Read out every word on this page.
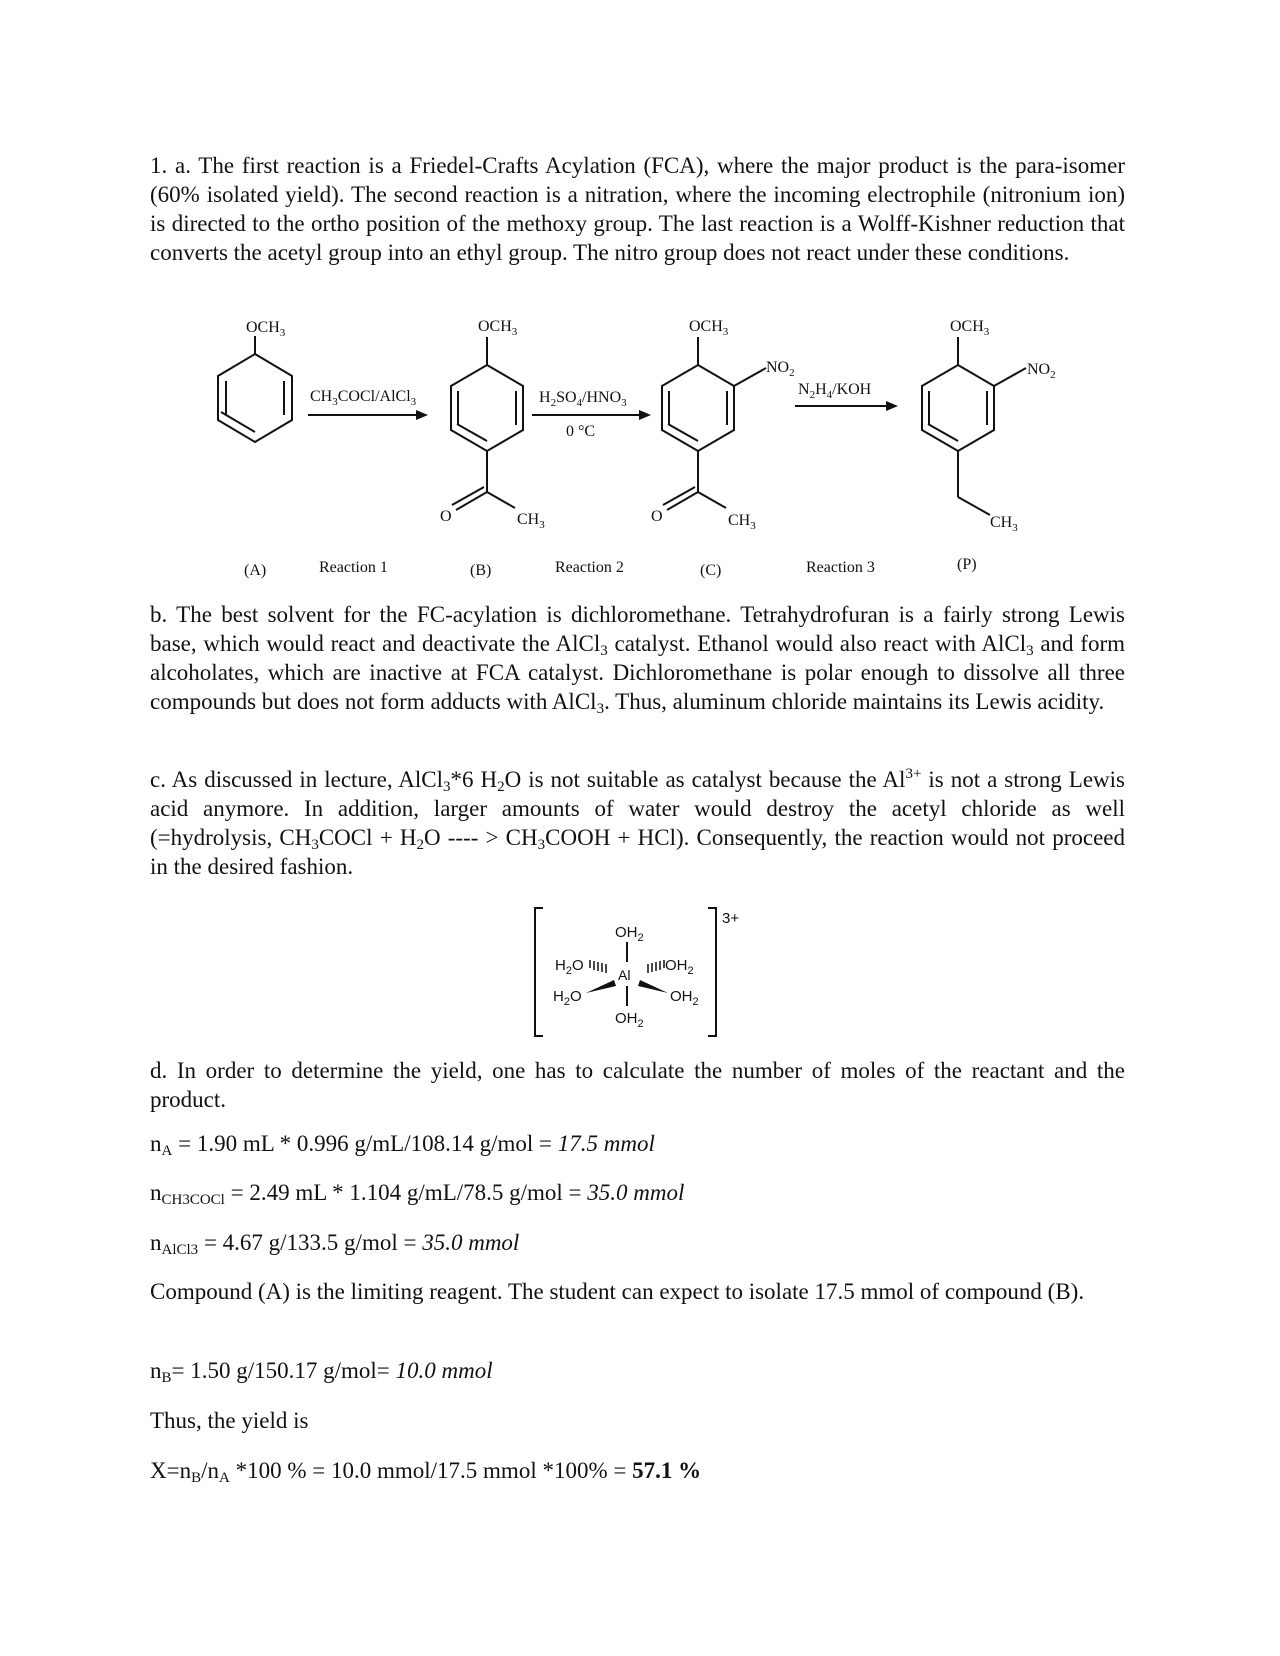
1. a. The first reaction is a Friedel-Crafts Acylation (FCA), where the major product is the para-isomer (60% isolated yield). The second reaction is a nitration, where the incoming electrophile (nitronium ion) is directed to the ortho position of the methoxy group. The last reaction is a Wolff-Kishner reduction that converts the acetyl group into an ethyl group. The nitro group does not react under these conditions.

$OCH_3$	$OCH_3$	$OCH_3$	$OCH_3$
$NO_2$	$NO_2$
O	O
$CH_3$	$CH_3$	$CH_3$
$CH_3COCl/AlCl_3$	$H_2SO_4/HNO_3$
0 °C
$N_2H_4$/KOH
(A)	Reaction 1	(B)	Reaction 2	(C)	Reaction 3	(P)

b. The best solvent for the FC-acylation is dichloromethane. Tetrahydrofuran is a fairly strong Lewis base, which would react and deactivate the AlCl$_3$ catalyst. Ethanol would also react with AlCl$_3$ and form alcoholates, which are inactive at FCA catalyst. Dichloromethane is polar enough to dissolve all three compounds but does not form adducts with AlCl$_3$. Thus, aluminum chloride maintains its Lewis acidity.

c. As discussed in lecture, AlCl$_3$*6 $H_2O$ is not suitable as catalyst because the $Al^{3+}$ is not a strong Lewis acid anymore. In addition, larger amounts of water would destroy the acetyl chloride as well (=hydrolysis, $CH_3COCl + H_2O$ ---- > $CH_3COOH + HCl$). Consequently, the reaction would not proceed in the desired fashion.

3+
Al
$OH_2$
$OH_2$
$H_2O$	$OH_2$
$H_2O$	$OH_2$

d. In order to determine the yield, one has to calculate the number of moles of the reactant and the product.

$n_A = 1.90$ mL * 0.996 g/mL/108.14 g/mol = 17.5 mmol
$n_{CH3COCl} = 2.49$ mL * 1.104 g/mL/78.5 g/mol = 35.0 mmol
$n_{AlCl3} = 4.67$ g/133.5 g/mol = 35.0 mmol

Compound (A) is the limiting reagent. The student can expect to isolate 17.5 mmol of compound (B).

$n_B= 1.50$ g/150.17 g/mol= 10.0 mmol
Thus, the yield is
$X=n_B/n_A$ *100 % = 10.0 mmol/17.5 mmol *100% = 57.1 %
